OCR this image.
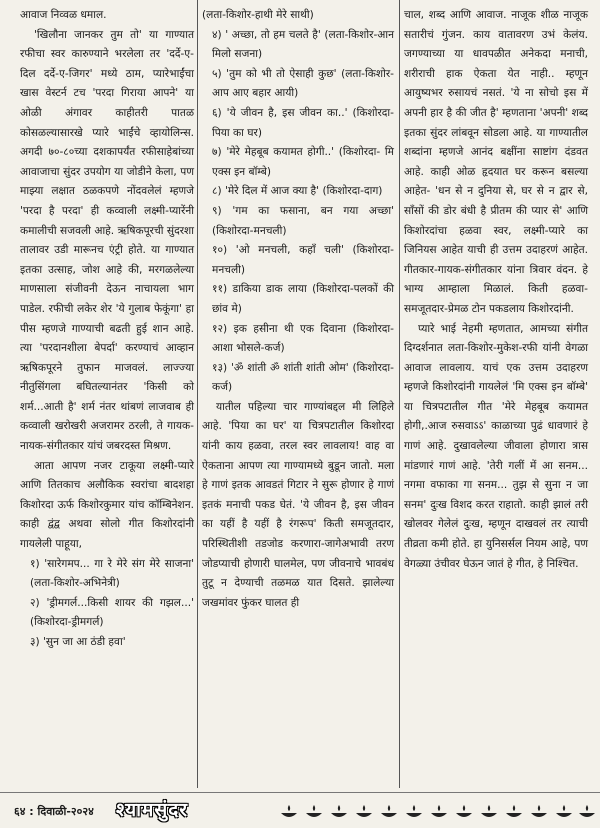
आवाज निव्वळ धमाल.

'खिलौना जानकर तुम तो' या गाण्यात रफीचा स्वर कारुण्याने भरलेला तर 'दर्दे-ए-दिल दर्दे-ए-जिगर' मध्ये ठाम, प्यारेभाईंचा खास वेस्टर्न टच 'परदा गिराया आपने' या ओळी अंगावर काहीतरी पातळ कोसळल्यासारखे प्यारे भाईंचे व्हायोलिन्स. अगदी ७०-८०च्या दशकापर्यंत रफीसाहेबांच्या आवाजाचा सुंदर उपयोग या जोडीने केला, पण माझ्या लक्षात ठळकपणे नोंदवलेलं म्हणजे 'परदा है परदा' ही कव्वाली लक्ष्मी-प्यारेंनी कमालीची सजवली आहे. ऋषिकपूरची सुंदरशा तालावर उडी मारूनच एंट्री होते. या गाण्यात इतका उत्साह, जोश आहे की, मरगळलेल्या माणसाला संजीवनी देऊन नाचायला भाग पाडेल. रफीची लकेर शेर 'ये गुलाब फेकूंगा' हा पीस म्हणजे गाण्याची बढती हुई शान आहे. त्या 'परदानशीला बेपर्दा' करण्याचं आव्हान ऋषिकपूरने तुफान माजवलं. लाज्ज्या नीतुसिंगला बघितल्यानंतर 'किसी को शर्म...आती है' शर्म नंतर थांबणं लाजवाब ही कव्वाली खरोखरी अजरामर ठरली, ते गायक-नायक-संगीतकार यांचं जबरदस्त मिश्रण.

आता आपण नजर टाकूया लक्ष्मी-प्यारे आणि तितकाच अलौकिक स्वरांचा बादशहा किशोरदा ऊर्फ किशोरकुमार यांच कॉम्बिनेशन. काही द्वंद्व अथवा सोलो गीत किशोरदांनी गायलेली पाहूया,

१) 'सारेगमप... गा रे मेरे संग मेरे साजना' (लता-किशोर-अभिनेत्री)

२) 'ड्रीमगर्ल...किसी शायर की गझल...' (किशोरदा-ड्रीमगर्ल)

३) 'सुन जा आ ठंडी हवा'

(लता-किशोर-हाथी मेरे साथी)

४) ' अच्छा, तो हम चलते है' (लता-किशोर-आन मिलो सजना)

५) 'तुम को भी तो ऐसाही कुछ' (लता-किशोर-आप आए बहार आयी)

६) 'ये जीवन है, इस जीवन का..' (किशोरदा-पिया का घर)

७) 'मेरे मेहबूब कयामत होगी..' (किशोरदा- मि एक्स इन बॉम्बे)

८) 'मेरे दिल में आज क्या है' (किशोरदा-दाग)

९) 'गम का फसाना, बन गया अच्छा' (किशोरदा-मनचली)

१०) 'ओ मनचली, कहाँ चली' (किशोरदा-मनचली)

११) डाकिया डाक लाया (किशोरदा-पलकों की छांव मे)

१२) इक हसीना थी एक दिवाना (किशोरदा-आशा भोसले-कर्ज)

१३) 'ॐ शांती ॐ शांती शांती ओम' (किशोरदा-कर्ज)

यातील पहिल्या चार गाण्यांबद्दल मी लिहिले आहे. 'पिया का घर' या चित्रपटातील किशोरदा यांनी काय हळवा, तरल स्वर लावलाय! वाह वा ऐकताना आपण त्या गाण्यामध्ये बुडून जातो. मला हे गाणं इतक आवडतं गिटार ने सुरू होणार हे गाणं इतकं मनाची पकड घेतं. 'ये जीवन है, इस जीवन का यहीं है यहीं है रंगरूप' किती समजूतदार, परिस्थितीशी तडजोड करणारा-जागेअभावी तरण जोडप्याची होणारी घालमेल, पण जीवनाचे भावबंध तुटू न देण्याची तळमळ यात दिसते. झालेल्या जखमांवर फुंकर घालत ही

चाल, शब्द आणि आवाज. नाजूक शीळ नाजूक सतारीचं गुंजन. काय वातावरण उभं केलंय. जगण्याच्या या धावपळीत अनेकदा मनाची, शरीराची हाक ऐकता येत नाही.. म्हणून आयुष्यभर रुसायचं नसतं. 'ये ना सोचो इस में अपनी हार है की जीत है' म्हणताना 'अपनी' शब्द इतका सुंदर लांबवून सोडला आहे. या गाण्यातील शब्दांना म्हणजे आनंद बक्षींना साष्टांग दंडवत आहे. काही ओळ हृदयात घर करून बसल्या आहेत- 'धन से न दुनिया से, घर से न द्वार से, साँसों की डोर बंधी है प्रीतम की प्यार से' आणि किशोरदांचा हळवा स्वर, लक्ष्मी-प्यारे का जिनियस आहेत याची ही उत्तम उदाहरणं आहेत. गीतकार-गायक-संगीतकार यांना त्रिवार वंदन. हे भाग्य आम्हाला मिळालं. किती हळवा-समजूतदार-प्रेमळ टोन पकडलाय किशोरदांनी.

प्यारे भाई नेहमी म्हणतात, आमच्या संगीत दिग्दर्शनात लता-किशोर-मुकेश-रफी यांनी वेगळा आवाज लावलाय. याचं एक उत्तम उदाहरण म्हणजे किशोरदांनी गायलेलं 'मि एक्स इन बॉम्बे' या चित्रपटातील गीत 'मेरे मेहबूब कयामत होगी,.आज रुसवाऽऽ' काळाच्या पुढं धावणारं हे गाणं आहे. दुखावलेल्या जीवाला होणारा त्रास मांडणारं गाणं आहे. 'तेरी गलीं में आ सनम... नगमा वफाका गा सनम... तुझ से सुना न जा सनम' दुःख विशद करत राहातो. काही झालं तरी खोलवर गेलेलं दुःख, म्हणून दाखवलं तर त्याची तीव्रता कमी होते. हा युनिसर्सल नियम आहे, पण वेगळ्या उंचीवर घेऊन जातं हे गीत, हे निश्चित.

६४ : दिवाळी-२०२४ श्यामसुंदर
